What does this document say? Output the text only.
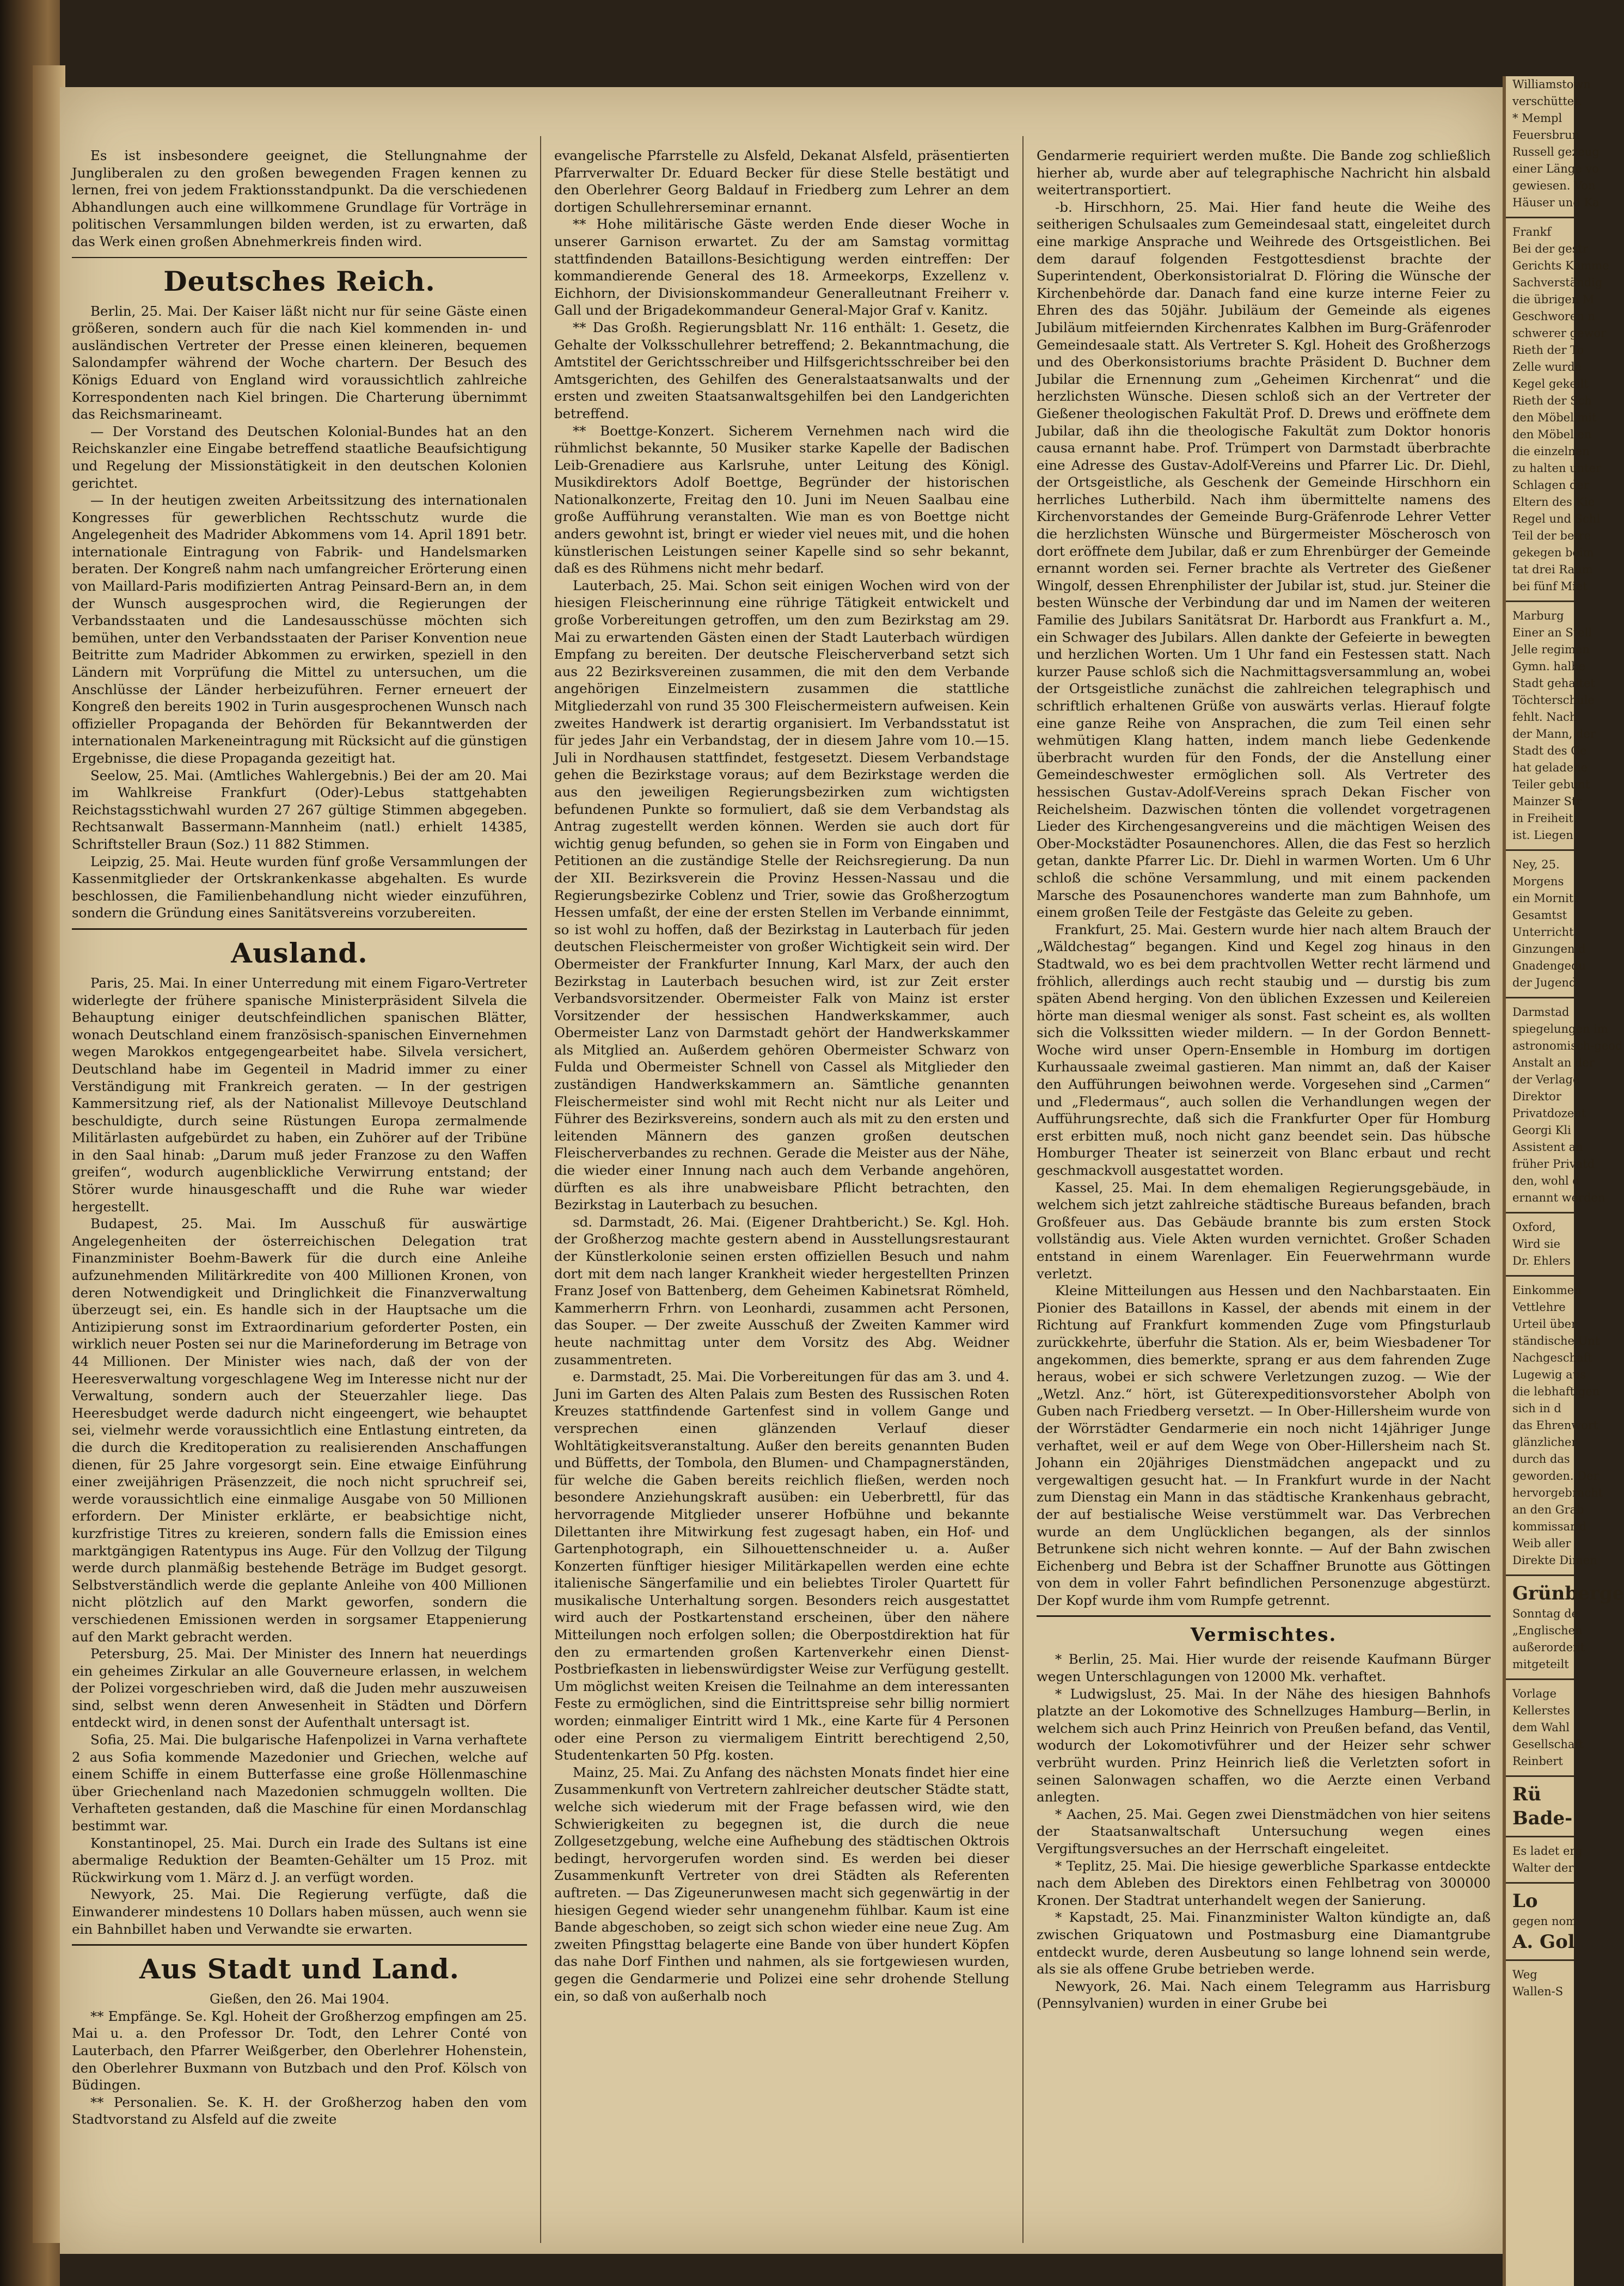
Es ist insbesondere geeignet, die Stellungnahme der Jungliberalen zu den großen bewegenden Fragen kennen zu lernen, frei von jedem Fraktionsstandpunkt. Da die verschiedenen Abhandlungen auch eine willkommene Grundlage für Vorträge in politischen Versammlungen bilden werden, ist zu erwarten, daß das Werk einen großen Abnehmerkreis finden wird.

Deutsches Reich.

Berlin, 25. Mai. Der Kaiser läßt nicht nur für seine Gäste einen größeren, sondern auch für die nach Kiel kommenden in- und ausländischen Vertreter der Presse einen kleineren, bequemen Salondampfer während der Woche chartern. Der Besuch des Königs Eduard von England wird voraussichtlich zahlreiche Korrespondenten nach Kiel bringen. Die Charterung übernimmt das Reichsmarineamt.

— Der Vorstand des Deutschen Kolonial-Bundes hat an den Reichskanzler eine Eingabe betreffend staatliche Beaufsichtigung und Regelung der Missionstätigkeit in den deutschen Kolonien gerichtet.

— In der heutigen zweiten Arbeitssitzung des internationalen Kongresses für gewerblichen Rechtsschutz wurde die Angelegenheit des Madrider Abkommens vom 14. April 1891 betr. internationale Eintragung von Fabrik- und Handelsmarken beraten. Der Kongreß nahm nach umfangreicher Erörterung einen von Maillard-Paris modifizierten Antrag Peinsard-Bern an, in dem der Wunsch ausgesprochen wird, die Regierungen der Verbandsstaaten und die Landesausschüsse möchten sich bemühen, unter den Verbandsstaaten der Pariser Konvention neue Beitritte zum Madrider Abkommen zu erwirken, speziell in den Ländern mit Vorprüfung die Mittel zu untersuchen, um die Anschlüsse der Länder herbeizuführen. Ferner erneuert der Kongreß den bereits 1902 in Turin ausgesprochenen Wunsch nach offizieller Propaganda der Behörden für Bekanntwerden der internationalen Markeneintragung mit Rücksicht auf die günstigen Ergebnisse, die diese Propaganda gezeitigt hat.

Seelow, 25. Mai. (Amtliches Wahlergebnis.) Bei der am 20. Mai im Wahlkreise Frankfurt (Oder)-Lebus stattgehabten Reichstagsstichwahl wurden 27 267 gültige Stimmen abgegeben. Rechtsanwalt Bassermann-Mannheim (natl.) erhielt 14385, Schriftsteller Braun (Soz.) 11 882 Stimmen.

Leipzig, 25. Mai. Heute wurden fünf große Versammlungen der Kassenmitglieder der Ortskrankenkasse abgehalten. Es wurde beschlossen, die Familienbehandlung nicht wieder einzuführen, sondern die Gründung eines Sanitätsvereins vorzubereiten.

Ausland.

Paris, 25. Mai. In einer Unterredung mit einem Figaro-Vertreter widerlegte der frühere spanische Ministerpräsident Silvela die Behauptung einiger deutschfeindlichen spanischen Blätter, wonach Deutschland einem französisch-spanischen Einvernehmen wegen Marokkos entgegengearbeitet habe. Silvela versichert, Deutschland habe im Gegenteil in Madrid immer zu einer Verständigung mit Frankreich geraten. — In der gestrigen Kammersitzung rief, als der Nationalist Millevoye Deutschland beschuldigte, durch seine Rüstungen Europa zermalmende Militärlasten aufgebürdet zu haben, ein Zuhörer auf der Tribüne in den Saal hinab: „Darum muß jeder Franzose zu den Waffen greifen“, wodurch augenblickliche Verwirrung entstand; der Störer wurde hinausgeschafft und die Ruhe war wieder hergestellt.

Budapest, 25. Mai. Im Ausschuß für auswärtige Angelegenheiten der österreichischen Delegation trat Finanzminister Boehm-Bawerk für die durch eine Anleihe aufzunehmenden Militärkredite von 400 Millionen Kronen, von deren Notwendigkeit und Dringlichkeit die Finanzverwaltung überzeugt sei, ein. Es handle sich in der Hauptsache um die Antizipierung sonst im Extraordinarium geforderter Posten, ein wirklich neuer Posten sei nur die Marineforderung im Betrage von 44 Millionen. Der Minister wies nach, daß der von der Heeresverwaltung vorgeschlagene Weg im Interesse nicht nur der Verwaltung, sondern auch der Steuerzahler liege. Das Heeresbudget werde dadurch nicht eingeengert, wie behauptet sei, vielmehr werde voraussichtlich eine Entlastung eintreten, da die durch die Kreditoperation zu realisierenden Anschaffungen dienen, für 25 Jahre vorgesorgt sein. Eine etwaige Einführung einer zweijährigen Präsenzzeit, die noch nicht spruchreif sei, werde voraussichtlich eine einmalige Ausgabe von 50 Millionen erfordern. Der Minister erklärte, er beabsichtige nicht, kurzfristige Titres zu kreieren, sondern falls die Emission eines marktgängigen Ratentypus ins Auge. Für den Vollzug der Tilgung werde durch planmäßig bestehende Beträge im Budget gesorgt. Selbstverständlich werde die geplante Anleihe von 400 Millionen nicht plötzlich auf den Markt geworfen, sondern die verschiedenen Emissionen werden in sorgsamer Etappenierung auf den Markt gebracht werden.

Petersburg, 25. Mai. Der Minister des Innern hat neuerdings ein geheimes Zirkular an alle Gouverneure erlassen, in welchem der Polizei vorgeschrieben wird, daß die Juden mehr auszuweisen sind, selbst wenn deren Anwesenheit in Städten und Dörfern entdeckt wird, in denen sonst der Aufenthalt untersagt ist.

Sofia, 25. Mai. Die bulgarische Hafenpolizei in Varna verhaftete 2 aus Sofia kommende Mazedonier und Griechen, welche auf einem Schiffe in einem Butterfasse eine große Höllenmaschine über Griechenland nach Mazedonien schmuggeln wollten. Die Verhafteten gestanden, daß die Maschine für einen Mordanschlag bestimmt war.

Konstantinopel, 25. Mai. Durch ein Irade des Sultans ist eine abermalige Reduktion der Beamten-Gehälter um 15 Proz. mit Rückwirkung vom 1. März d. J. an verfügt worden.

Newyork, 25. Mai. Die Regierung verfügte, daß die Einwanderer mindestens 10 Dollars haben müssen, auch wenn sie ein Bahnbillet haben und Verwandte sie erwarten.

Aus Stadt und Land.

Gießen, den 26. Mai 1904.

** Empfänge. Se. Kgl. Hoheit der Großherzog empfingen am 25. Mai u. a. den Professor Dr. Todt, den Lehrer Conté von Lauterbach, den Pfarrer Weißgerber, den Oberlehrer Hohenstein, den Oberlehrer Buxmann von Butzbach und den Prof. Kölsch von Büdingen.

** Personalien. Se. K. H. der Großherzog haben den vom Stadtvorstand zu Alsfeld auf die zweite

evangelische Pfarrstelle zu Alsfeld, Dekanat Alsfeld, präsentierten Pfarrverwalter Dr. Eduard Becker für diese Stelle bestätigt und den Oberlehrer Georg Baldauf in Friedberg zum Lehrer an dem dortigen Schullehrerseminar ernannt.

** Hohe militärische Gäste werden Ende dieser Woche in unserer Garnison erwartet. Zu der am Samstag vormittag stattfindenden Bataillons-Besichtigung werden eintreffen: Der kommandierende General des 18. Armeekorps, Exzellenz v. Eichhorn, der Divisionskommandeur Generalleutnant Freiherr v. Gall und der Brigadekommandeur General-Major Graf v. Kanitz.

** Das Großh. Regierungsblatt Nr. 116 enthält: 1. Gesetz, die Gehalte der Volksschullehrer betreffend; 2. Bekanntmachung, die Amtstitel der Gerichtsschreiber und Hilfsgerichtsschreiber bei den Amtsgerichten, des Gehilfen des Generalstaatsanwalts und der ersten und zweiten Staatsanwaltsgehilfen bei den Landgerichten betreffend.

** Boettge-Konzert. Sicherem Vernehmen nach wird die rühmlichst bekannte, 50 Musiker starke Kapelle der Badischen Leib-Grenadiere aus Karlsruhe, unter Leitung des Königl. Musikdirektors Adolf Boettge, Begründer der historischen Nationalkonzerte, Freitag den 10. Juni im Neuen Saalbau eine große Aufführung veranstalten. Wie man es von Boettge nicht anders gewohnt ist, bringt er wieder viel neues mit, und die hohen künstlerischen Leistungen seiner Kapelle sind so sehr bekannt, daß es des Rühmens nicht mehr bedarf.

Lauterbach, 25. Mai. Schon seit einigen Wochen wird von der hiesigen Fleischerinnung eine rührige Tätigkeit entwickelt und große Vorbereitungen getroffen, um den zum Bezirkstag am 29. Mai zu erwartenden Gästen einen der Stadt Lauterbach würdigen Empfang zu bereiten. Der deutsche Fleischerverband setzt sich aus 22 Bezirksvereinen zusammen, die mit den dem Verbande angehörigen Einzelmeistern zusammen die stattliche Mitgliederzahl von rund 35 300 Fleischermeistern aufweisen. Kein zweites Handwerk ist derartig organisiert. Im Verbandsstatut ist für jedes Jahr ein Verbandstag, der in diesem Jahre vom 10.—15. Juli in Nordhausen stattfindet, festgesetzt. Diesem Verbandstage gehen die Bezirkstage voraus; auf dem Bezirkstage werden die aus den jeweiligen Regierungsbezirken zum wichtigsten befundenen Punkte so formuliert, daß sie dem Verbandstag als Antrag zugestellt werden können. Werden sie auch dort für wichtig genug befunden, so gehen sie in Form von Eingaben und Petitionen an die zuständige Stelle der Reichsregierung. Da nun der XII. Bezirksverein die Provinz Hessen-Nassau und die Regierungsbezirke Coblenz und Trier, sowie das Großherzogtum Hessen umfaßt, der eine der ersten Stellen im Verbande einnimmt, so ist wohl zu hoffen, daß der Bezirkstag in Lauterbach für jeden deutschen Fleischermeister von großer Wichtigkeit sein wird. Der Obermeister der Frankfurter Innung, Karl Marx, der auch den Bezirkstag in Lauterbach besuchen wird, ist zur Zeit erster Verbandsvorsitzender. Obermeister Falk von Mainz ist erster Vorsitzender der hessischen Handwerkskammer, auch Obermeister Lanz von Darmstadt gehört der Handwerkskammer als Mitglied an. Außerdem gehören Obermeister Schwarz von Fulda und Obermeister Schnell von Cassel als Mitglieder den zuständigen Handwerkskammern an. Sämtliche genannten Fleischermeister sind wohl mit Recht nicht nur als Leiter und Führer des Bezirksvereins, sondern auch als mit zu den ersten und leitenden Männern des ganzen großen deutschen Fleischerverbandes zu rechnen. Gerade die Meister aus der Nähe, die wieder einer Innung nach auch dem Verbande angehören, dürften es als ihre unabweisbare Pflicht betrachten, den Bezirkstag in Lauterbach zu besuchen.

sd. Darmstadt, 26. Mai. (Eigener Drahtbericht.) Se. Kgl. Hoh. der Großherzog machte gestern abend in Ausstellungsrestaurant der Künstlerkolonie seinen ersten offiziellen Besuch und nahm dort mit dem nach langer Krankheit wieder hergestellten Prinzen Franz Josef von Battenberg, dem Geheimen Kabinetsrat Römheld, Kammerherrn Frhrn. von Leonhardi, zusammen acht Personen, das Souper. — Der zweite Ausschuß der Zweiten Kammer wird heute nachmittag unter dem Vorsitz des Abg. Weidner zusammentreten.

e. Darmstadt, 25. Mai. Die Vorbereitungen für das am 3. und 4. Juni im Garten des Alten Palais zum Besten des Russischen Roten Kreuzes stattfindende Gartenfest sind in vollem Gange und versprechen einen glänzenden Verlauf dieser Wohltätigkeitsveranstaltung. Außer den bereits genannten Buden und Büffetts, der Tombola, den Blumen- und Champagnerständen, für welche die Gaben bereits reichlich fließen, werden noch besondere Anziehungskraft ausüben: ein Ueberbrettl, für das hervorragende Mitglieder unserer Hofbühne und bekannte Dilettanten ihre Mitwirkung fest zugesagt haben, ein Hof- und Gartenphotograph, ein Silhouettenschneider u. a. Außer Konzerten fünftiger hiesiger Militärkapellen werden eine echte italienische Sängerfamilie und ein beliebtes Tiroler Quartett für musikalische Unterhaltung sorgen. Besonders reich ausgestattet wird auch der Postkartenstand erscheinen, über den nähere Mitteilungen noch erfolgen sollen; die Oberpostdirektion hat für den zu ermartenden großen Kartenverkehr einen Dienst-Postbriefkasten in liebenswürdigster Weise zur Verfügung gestellt. Um möglichst weiten Kreisen die Teilnahme an dem interessanten Feste zu ermöglichen, sind die Eintrittspreise sehr billig normiert worden; einmaliger Eintritt wird 1 Mk., eine Karte für 4 Personen oder eine Person zu viermaligem Eintritt berechtigend 2,50, Studentenkarten 50 Pfg. kosten.

Mainz, 25. Mai. Zu Anfang des nächsten Monats findet hier eine Zusammenkunft von Vertretern zahlreicher deutscher Städte statt, welche sich wiederum mit der Frage befassen wird, wie den Schwierigkeiten zu begegnen ist, die durch die neue Zollgesetzgebung, welche eine Aufhebung des städtischen Oktrois bedingt, hervorgerufen worden sind. Es werden bei dieser Zusammenkunft Vertreter von drei Städten als Referenten auftreten. — Das Zigeunerunwesen macht sich gegenwärtig in der hiesigen Gegend wieder sehr unangenehm fühlbar. Kaum ist eine Bande abgeschoben, so zeigt sich schon wieder eine neue Zug. Am zweiten Pfingsttag belagerte eine Bande von über hundert Köpfen das nahe Dorf Finthen und nahmen, als sie fortgewiesen wurden, gegen die Gendarmerie und Polizei eine sehr drohende Stellung ein, so daß von außerhalb noch

Gendarmerie requiriert werden mußte. Die Bande zog schließlich hierher ab, wurde aber auf telegraphische Nachricht hin alsbald weitertransportiert.

-b. Hirschhorn, 25. Mai. Hier fand heute die Weihe des seitherigen Schulsaales zum Gemeindesaal statt, eingeleitet durch eine markige Ansprache und Weihrede des Ortsgeistlichen. Bei dem darauf folgenden Festgottesdienst brachte der Superintendent, Oberkonsistorialrat D. Flöring die Wünsche der Kirchenbehörde dar. Danach fand eine kurze interne Feier zu Ehren des das 50jähr. Jubiläum der Gemeinde als eigenes Jubiläum mitfeiernden Kirchenrates Kalbhen im Burg-Gräfenroder Gemeindesaale statt. Als Vertreter S. Kgl. Hoheit des Großherzogs und des Oberkonsistoriums brachte Präsident D. Buchner dem Jubilar die Ernennung zum „Geheimen Kirchenrat“ und die herzlichsten Wünsche. Diesen schloß sich an der Vertreter der Gießener theologischen Fakultät Prof. D. Drews und eröffnete dem Jubilar, daß ihn die theologische Fakultät zum Doktor honoris causa ernannt habe. Prof. Trümpert von Darmstadt überbrachte eine Adresse des Gustav-Adolf-Vereins und Pfarrer Lic. Dr. Diehl, der Ortsgeistliche, als Geschenk der Gemeinde Hirschhorn ein herrliches Lutherbild. Nach ihm übermittelte namens des Kirchenvorstandes der Gemeinde Burg-Gräfenrode Lehrer Vetter die herzlichsten Wünsche und Bürgermeister Möscherosch von dort eröffnete dem Jubilar, daß er zum Ehrenbürger der Gemeinde ernannt worden sei. Ferner brachte als Vertreter des Gießener Wingolf, dessen Ehrenphilister der Jubilar ist, stud. jur. Steiner die besten Wünsche der Verbindung dar und im Namen der weiteren Familie des Jubilars Sanitätsrat Dr. Harbordt aus Frankfurt a. M., ein Schwager des Jubilars. Allen dankte der Gefeierte in bewegten und herzlichen Worten. Um 1 Uhr fand ein Festessen statt. Nach kurzer Pause schloß sich die Nachmittagsversammlung an, wobei der Ortsgeistliche zunächst die zahlreichen telegraphisch und schriftlich erhaltenen Grüße von auswärts verlas. Hierauf folgte eine ganze Reihe von Ansprachen, die zum Teil einen sehr wehmütigen Klang hatten, indem manch liebe Gedenkende überbracht wurden für den Fonds, der die Anstellung einer Gemeindeschwester ermöglichen soll. Als Vertreter des hessischen Gustav-Adolf-Vereins sprach Dekan Fischer von Reichelsheim. Dazwischen tönten die vollendet vorgetragenen Lieder des Kirchengesangvereins und die mächtigen Weisen des Ober-Mockstädter Posaunenchores. Allen, die das Fest so herzlich getan, dankte Pfarrer Lic. Dr. Diehl in warmen Worten. Um 6 Uhr schloß die schöne Versammlung, und mit einem packenden Marsche des Posaunenchores wanderte man zum Bahnhofe, um einem großen Teile der Festgäste das Geleite zu geben.

Frankfurt, 25. Mai. Gestern wurde hier nach altem Brauch der „Wäldchestag“ begangen. Kind und Kegel zog hinaus in den Stadtwald, wo es bei dem prachtvollen Wetter recht lärmend und fröhlich, allerdings auch recht staubig und — durstig bis zum späten Abend herging. Von den üblichen Exzessen und Keilereien hörte man diesmal weniger als sonst. Fast scheint es, als wollten sich die Volkssitten wieder mildern. — In der Gordon Bennett-Woche wird unser Opern-Ensemble in Homburg im dortigen Kurhaussaale zweimal gastieren. Man nimmt an, daß der Kaiser den Aufführungen beiwohnen werde. Vorgesehen sind „Carmen“ und „Fledermaus“, auch sollen die Verhandlungen wegen der Aufführungsrechte, daß sich die Frankfurter Oper für Homburg erst erbitten muß, noch nicht ganz beendet sein. Das hübsche Homburger Theater ist seinerzeit von Blanc erbaut und recht geschmackvoll ausgestattet worden.

Kassel, 25. Mai. In dem ehemaligen Regierungsgebäude, in welchem sich jetzt zahlreiche städtische Bureaus befanden, brach Großfeuer aus. Das Gebäude brannte bis zum ersten Stock vollständig aus. Viele Akten wurden vernichtet. Großer Schaden entstand in einem Warenlager. Ein Feuerwehrmann wurde verletzt.

Kleine Mitteilungen aus Hessen und den Nachbarstaaten. Ein Pionier des Bataillons in Kassel, der abends mit einem in der Richtung auf Frankfurt kommenden Zuge vom Pfingsturlaub zurückkehrte, überfuhr die Station. Als er, beim Wiesbadener Tor angekommen, dies bemerkte, sprang er aus dem fahrenden Zuge heraus, wobei er sich schwere Verletzungen zuzog. — Wie der „Wetzl. Anz.“ hört, ist Güterexpeditionsvorsteher Abolph von Guben nach Friedberg versetzt. — In Ober-Hillersheim wurde von der Wörrstädter Gendarmerie ein noch nicht 14jähriger Junge verhaftet, weil er auf dem Wege von Ober-Hillersheim nach St. Johann ein 20jähriges Dienstmädchen angepackt und zu vergewaltigen gesucht hat. — In Frankfurt wurde in der Nacht zum Dienstag ein Mann in das städtische Krankenhaus gebracht, der auf bestialische Weise verstümmelt war. Das Verbrechen wurde an dem Unglücklichen begangen, als der sinnlos Betrunkene sich nicht wehren konnte. — Auf der Bahn zwischen Eichenberg und Bebra ist der Schaffner Brunotte aus Göttingen von dem in voller Fahrt befindlichen Personenzuge abgestürzt. Der Kopf wurde ihm vom Rumpfe getrennt.

Vermischtes.

* Berlin, 25. Mai. Hier wurde der reisende Kaufmann Bürger wegen Unterschlagungen von 12000 Mk. verhaftet.

* Ludwigslust, 25. Mai. In der Nähe des hiesigen Bahnhofs platzte an der Lokomotive des Schnellzuges Hamburg—Berlin, in welchem sich auch Prinz Heinrich von Preußen befand, das Ventil, wodurch der Lokomotivführer und der Heizer sehr schwer verbrüht wurden. Prinz Heinrich ließ die Verletzten sofort in seinen Salonwagen schaffen, wo die Aerzte einen Verband anlegten.

* Aachen, 25. Mai. Gegen zwei Dienstmädchen von hier seitens der Staatsanwaltschaft Untersuchung wegen eines Vergiftungsversuches an der Herrschaft eingeleitet.

* Teplitz, 25. Mai. Die hiesige gewerbliche Sparkasse entdeckte nach dem Ableben des Direktors einen Fehlbetrag von 300000 Kronen. Der Stadtrat unterhandelt wegen der Sanierung.

* Kapstadt, 25. Mai. Finanzminister Walton kündigte an, daß zwischen Griquatown und Postmasburg eine Diamantgrube entdeckt wurde, deren Ausbeutung so lange lohnend sein werde, als sie als offene Grube betrieben werde.

Newyork, 26. Mai. Nach einem Telegramm aus Harrisburg (Pennsylvanien) wurden in einer Grube bei

Williamstown
verschüttet.
* Mempl
Feuersbrun
Russell gezeug
einer Länge vo
gewiesen. Von
Häuser und Ka
Frankf
Bei der gestr
Gerichts Kamme
Sachverständig
die übrigen M
Geschworen n
schwerer gewor
Rieth der To
Zelle wurde
Kegel gekeilt
Rieth der Sch
den Möbel mit
den Möbel en
die einzelnen
zu halten unter
Schlagen der
Eltern des Kie
Regel und Schl
Teil der betre
gekegen beim
tat drei Raum
bei fünf Miet
Marburg
Einer an Stell
Jelle regimen
Gymn. halbe
Stadt gehaltet
Töchterschule
fehlt. Nach
der Mann, der
Stadt des Ge
hat geladene
Teiler gebunt
Mainzer Str
in Freiheit
ist. Liegen
Ney, 25.
Morgens
ein Mornitt
Gesamtst
Unterricht
Ginzungen d
Gnadengedu
der Jugend
Darmstad
spiegelungen im
astronomisch-geod
Anstalt an der
der Verlage
Direktor
Privatdozent
Georgi Kli
Assistent an
früher Privatd
den, wohl d
ernannt werden
Oxford,
Wird sie
Dr. Ehlers
Einkommen
Vettlehre
Urteil über
ständische Unt
Nachgeschaft
Lugewig aus
die lebhaftigen
sich in d
das Ehrenwort
glänzlicher
durch das
geworden. Der
hervorgebracht
an den Grab
kommissar d
Weib aller
Direkte Dimen
Grünberge
Sonntag de
„Englischen
außerordent
mitgeteilt
Vorlage
Kellerstes
dem Wahl
Gesellschaft
Reinbert
Rü
Bade-
Es ladet erg
Walter der
Lo
gegen nom
A. Gol
Weg
Wallen-S
